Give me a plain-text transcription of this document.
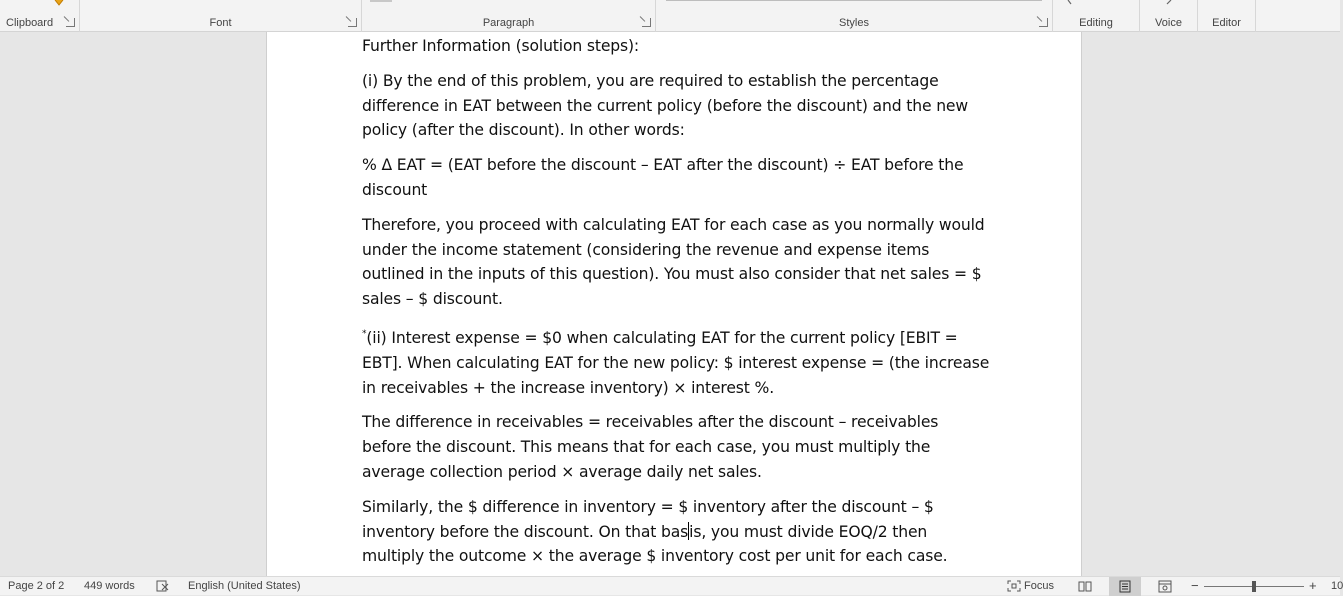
Clipboard	Font	Paragraph	Styles	Editing	Voice	Editor

Further Information (solution steps):

(i) By the end of this problem, you are required to establish the percentage difference in EAT between the current policy (before the discount) and the new policy (after the discount). In other words:

% Δ EAT = (EAT before the discount – EAT after the discount) ÷ EAT before the discount

Therefore, you proceed with calculating EAT for each case as you normally would under the income statement (considering the revenue and expense items outlined in the inputs of this question). You must also consider that net sales = $ sales – $ discount.

*(ii) Interest expense = $0 when calculating EAT for the current policy [EBIT = EBT]. When calculating EAT for the new policy: $ interest expense = (the increase in receivables + the increase inventory) × interest %.

The difference in receivables = receivables after the discount – receivables before the discount. This means that for each case, you must multiply the average collection period × average daily net sales.

Similarly, the $ difference in inventory = $ inventory after the discount – $ inventory before the discount. On that basis, you must divide EOQ/2 then multiply the outcome × the average $ inventory cost per unit for each case.

Page 2 of 2 449 words	English (United States)	Focus	−	+ 10
